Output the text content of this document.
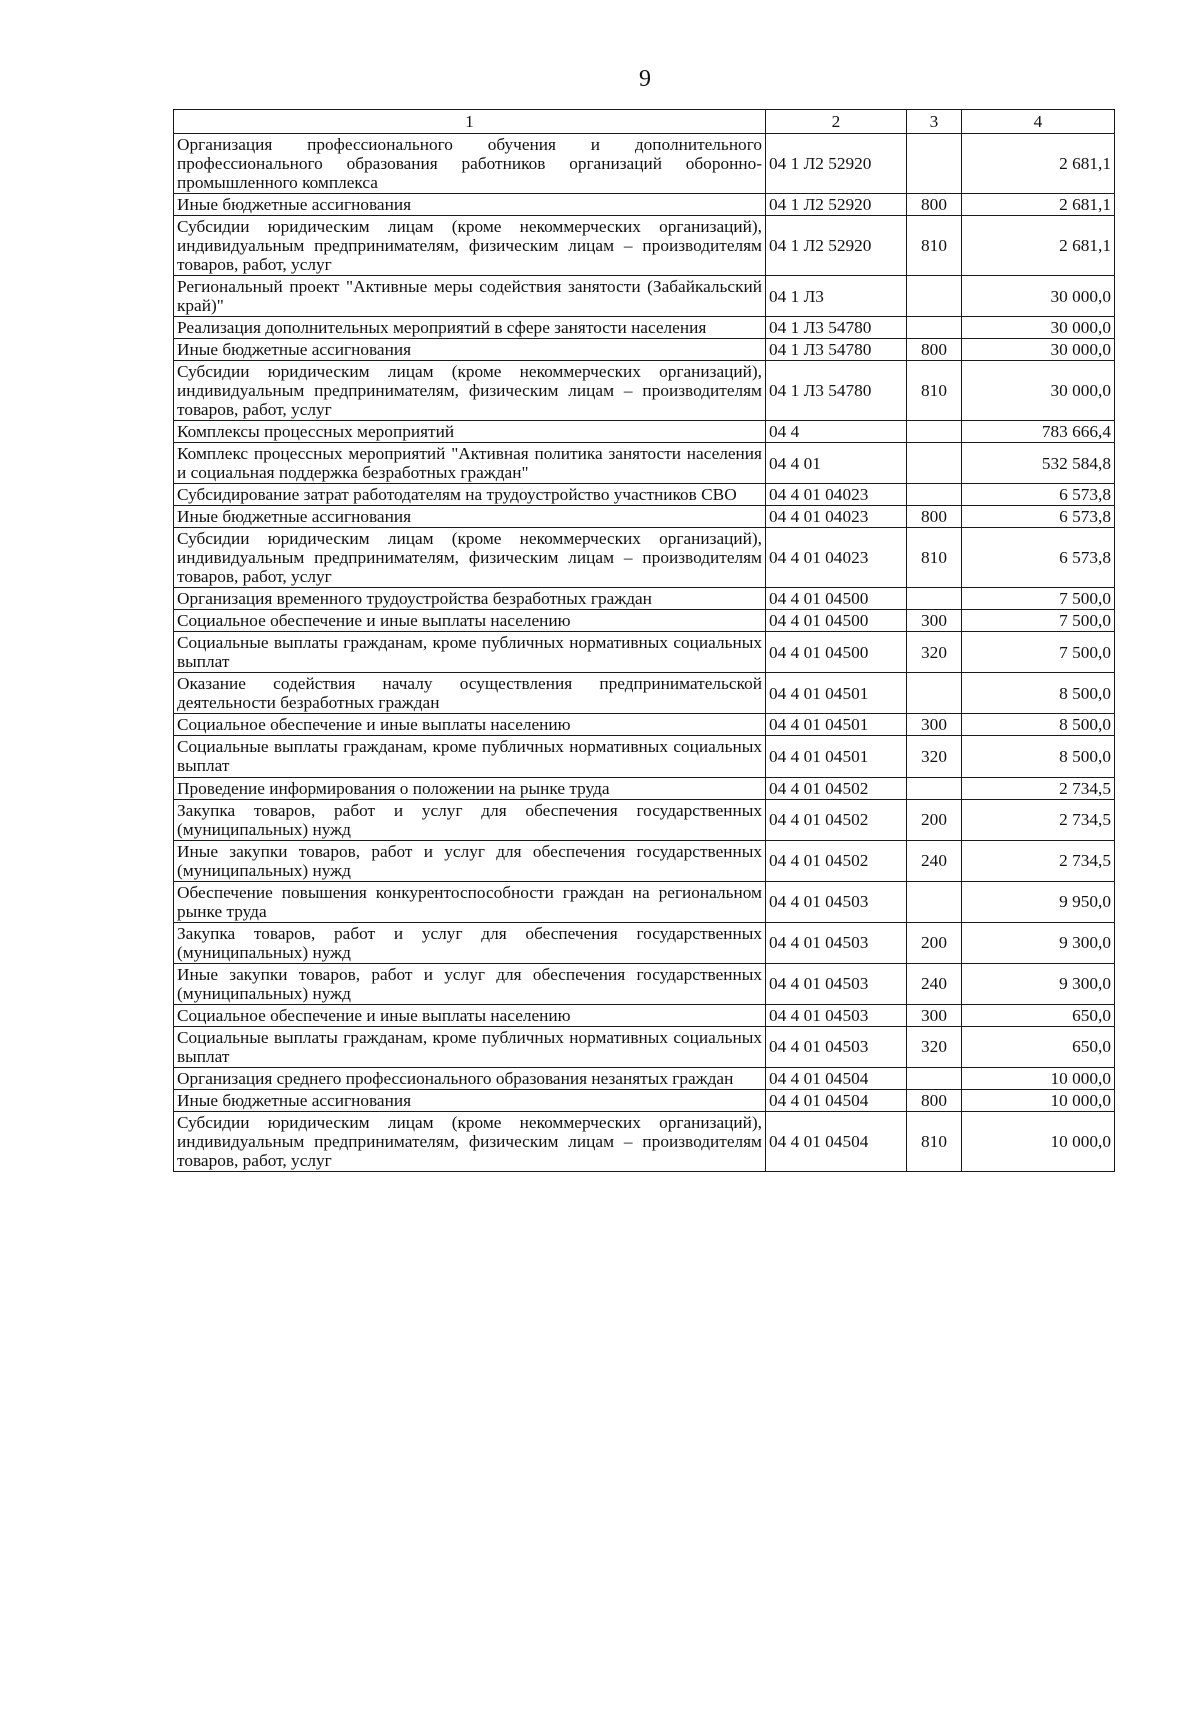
9
1	2	3	4
Организация профессионального обучения и дополнительного профессионального образования работников организаций оборонно-промышленного комплекса	04 1 Л2 52920		2 681,1
Иные бюджетные ассигнования	04 1 Л2 52920	800	2 681,1
Субсидии юридическим лицам (кроме некоммерческих организаций), индивидуальным предпринимателям, физическим лицам – производителям товаров, работ, услуг	04 1 Л2 52920	810	2 681,1
Региональный проект "Активные меры содействия занятости (Забайкальский край)"	04 1 Л3		30 000,0
Реализация дополнительных мероприятий в сфере занятости населения	04 1 Л3 54780		30 000,0
Иные бюджетные ассигнования	04 1 Л3 54780	800	30 000,0
Субсидии юридическим лицам (кроме некоммерческих организаций), индивидуальным предпринимателям, физическим лицам – производителям товаров, работ, услуг	04 1 Л3 54780	810	30 000,0
Комплексы процессных мероприятий	04 4		783 666,4
Комплекс процессных мероприятий "Активная политика занятости населения и социальная поддержка безработных граждан"	04 4 01		532 584,8
Субсидирование затрат работодателям на трудоустройство участников СВО	04 4 01 04023		6 573,8
Иные бюджетные ассигнования	04 4 01 04023	800	6 573,8
Субсидии юридическим лицам (кроме некоммерческих организаций), индивидуальным предпринимателям, физическим лицам – производителям товаров, работ, услуг	04 4 01 04023	810	6 573,8
Организация временного трудоустройства безработных граждан	04 4 01 04500		7 500,0
Социальное обеспечение и иные выплаты населению	04 4 01 04500	300	7 500,0
Социальные выплаты гражданам, кроме публичных нормативных социальных выплат	04 4 01 04500	320	7 500,0
Оказание содействия началу осуществления предпринимательской деятельности безработных граждан	04 4 01 04501		8 500,0
Социальное обеспечение и иные выплаты населению	04 4 01 04501	300	8 500,0
Социальные выплаты гражданам, кроме публичных нормативных социальных выплат	04 4 01 04501	320	8 500,0
Проведение информирования о положении на рынке труда	04 4 01 04502		2 734,5
Закупка товаров, работ и услуг для обеспечения государственных (муниципальных) нужд	04 4 01 04502	200	2 734,5
Иные закупки товаров, работ и услуг для обеспечения государственных (муниципальных) нужд	04 4 01 04502	240	2 734,5
Обеспечение повышения конкурентоспособности граждан на региональном рынке труда	04 4 01 04503		9 950,0
Закупка товаров, работ и услуг для обеспечения государственных (муниципальных) нужд	04 4 01 04503	200	9 300,0
Иные закупки товаров, работ и услуг для обеспечения государственных (муниципальных) нужд	04 4 01 04503	240	9 300,0
Социальное обеспечение и иные выплаты населению	04 4 01 04503	300	650,0
Социальные выплаты гражданам, кроме публичных нормативных социальных выплат	04 4 01 04503	320	650,0
Организация среднего профессионального образования незанятых граждан	04 4 01 04504		10 000,0
Иные бюджетные ассигнования	04 4 01 04504	800	10 000,0
Субсидии юридическим лицам (кроме некоммерческих организаций), индивидуальным предпринимателям, физическим лицам – производителям товаров, работ, услуг	04 4 01 04504	810	10 000,0
